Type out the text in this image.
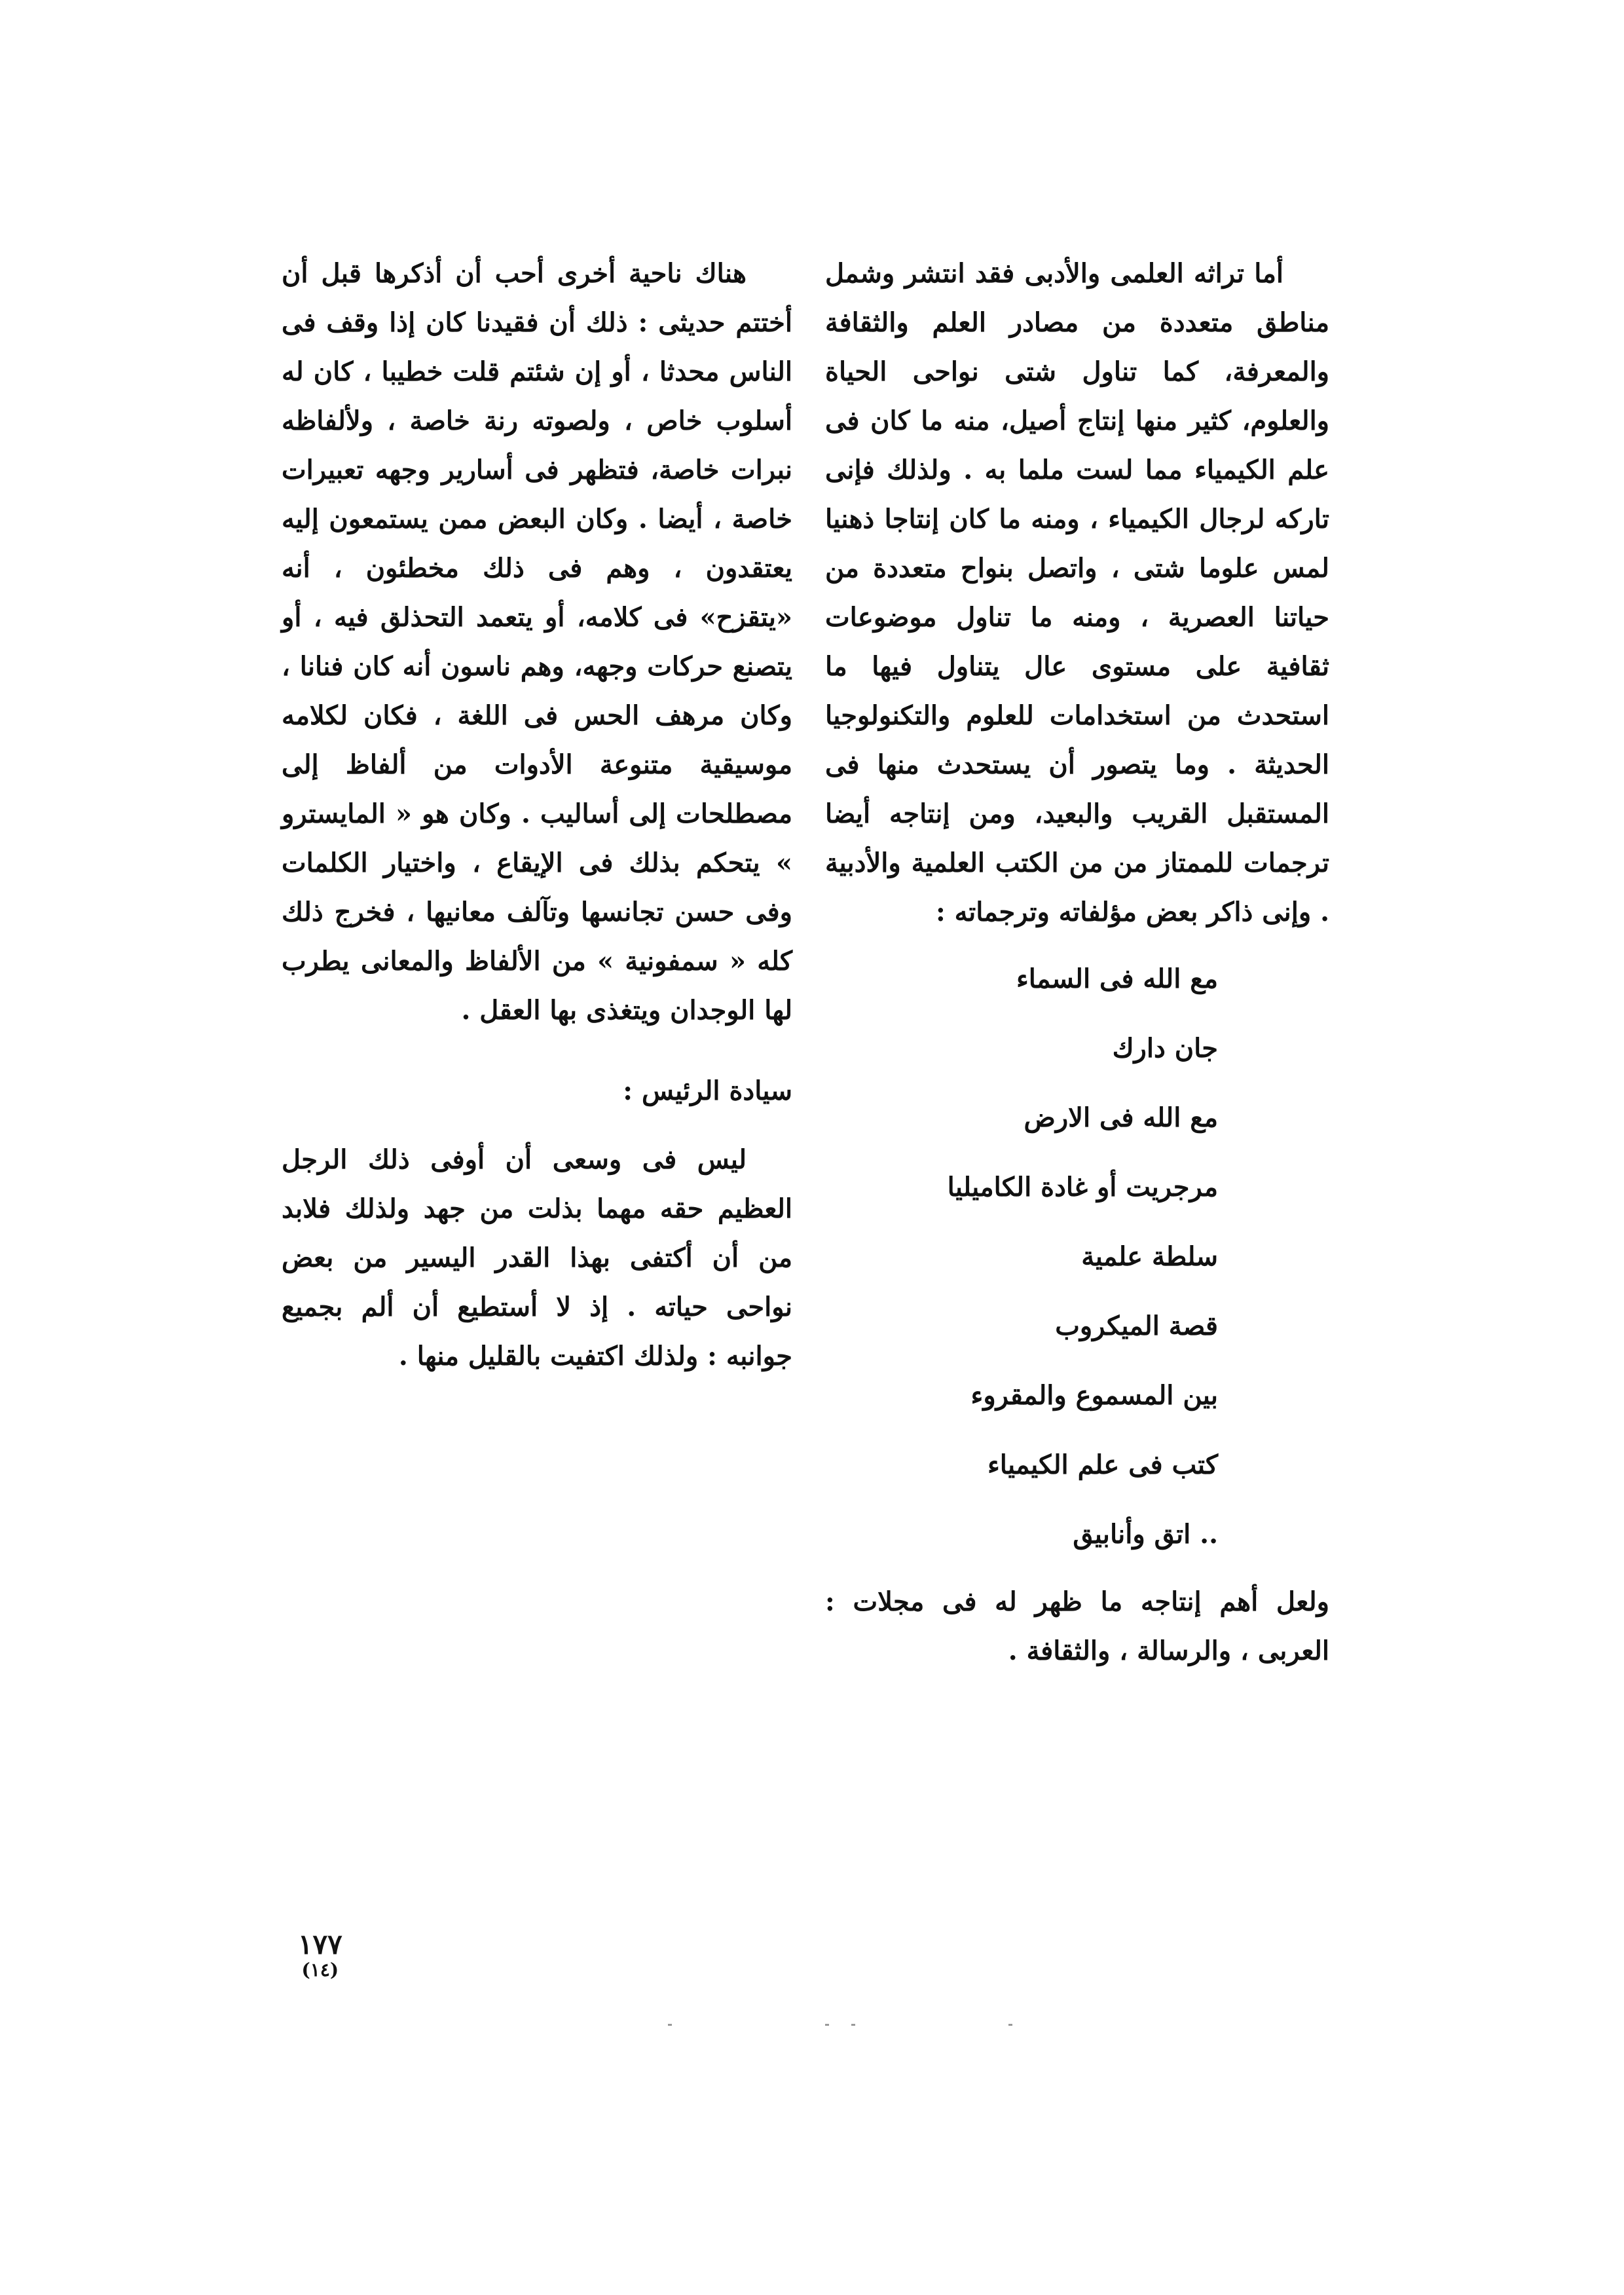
أما تراثه العلمى والأدبى فقد انتشر وشمل مناطق متعددة من مصادر العلم والثقافة والمعرفة، كما تناول شتى نواحى الحياة والعلوم، كثير منها إنتاج أصيل، منه ما كان فى علم الكيمياء مما لست ملما به . ولذلك فإنى تاركه لرجال الكيمياء ، ومنه ما كان إنتاجا ذهنيا لمس علوما شتى ، واتصل بنواح متعددة من حياتنا العصرية ، ومنه ما تناول موضوعات ثقافية على مستوى عال يتناول فيها ما استحدث من استخدامات للعلوم والتكنولوجيا الحديثة . وما يتصور أن يستحدث منها فى المستقبل القريب والبعيد، ومن إنتاجه أيضا ترجمات للممتاز من من الكتب العلمية والأدبية . وإنى ذاكر بعض مؤلفاته وترجماته :

مع الله فى السماء
جان دارك
مع الله فى الارض
مرجريت أو غادة الكاميليا
سلطة علمية
قصة الميكروب
بين المسموع والمقروء
كتب فى علم الكيمياء
.. اتق وأنابيق

ولعل أهم إنتاجه ما ظهر له فى مجلات : العربى ، والرسالة ، والثقافة .

هناك ناحية أخرى أحب أن أذكرها قبل أن أختتم حديثى : ذلك أن فقيدنا كان إذا وقف فى الناس محدثا ، أو إن شئتم قلت خطيبا ، كان له أسلوب خاص ، ولصوته رنة خاصة ، ولألفاظه نبرات خاصة، فتظهر فى أسارير وجهه تعبيرات خاصة ، أيضا . وكان البعض ممن يستمعون إليه يعتقدون ، وهم فى ذلك مخطئون ، أنه «يتقزح» فى كلامه، أو يتعمد التحذلق فيه ، أو يتصنع حركات وجهه، وهم ناسون أنه كان فنانا ، وكان مرهف الحس فى اللغة ، فكان لكلامه موسيقية متنوعة الأدوات من ألفاظ إلى مصطلحات إلى أساليب . وكان هو « المايسترو » يتحكم بذلك فى الإيقاع ، واختيار الكلمات وفى حسن تجانسها وتآلف معانيها ، فخرج ذلك كله « سمفونية » من الألفاظ والمعانى يطرب لها الوجدان ويتغذى بها العقل .

سيادة الرئيس :

ليس فى وسعى أن أوفى ذلك الرجل العظيم حقه مهما بذلت من جهد ولذلك فلابد من أن أكتفى بهذا القدر اليسير من بعض نواحى حياته . إذ لا أستطيع أن ألم بجميع جوانبه : ولذلك اكتفيت بالقليل منها .

١٧٧
(١٤)
